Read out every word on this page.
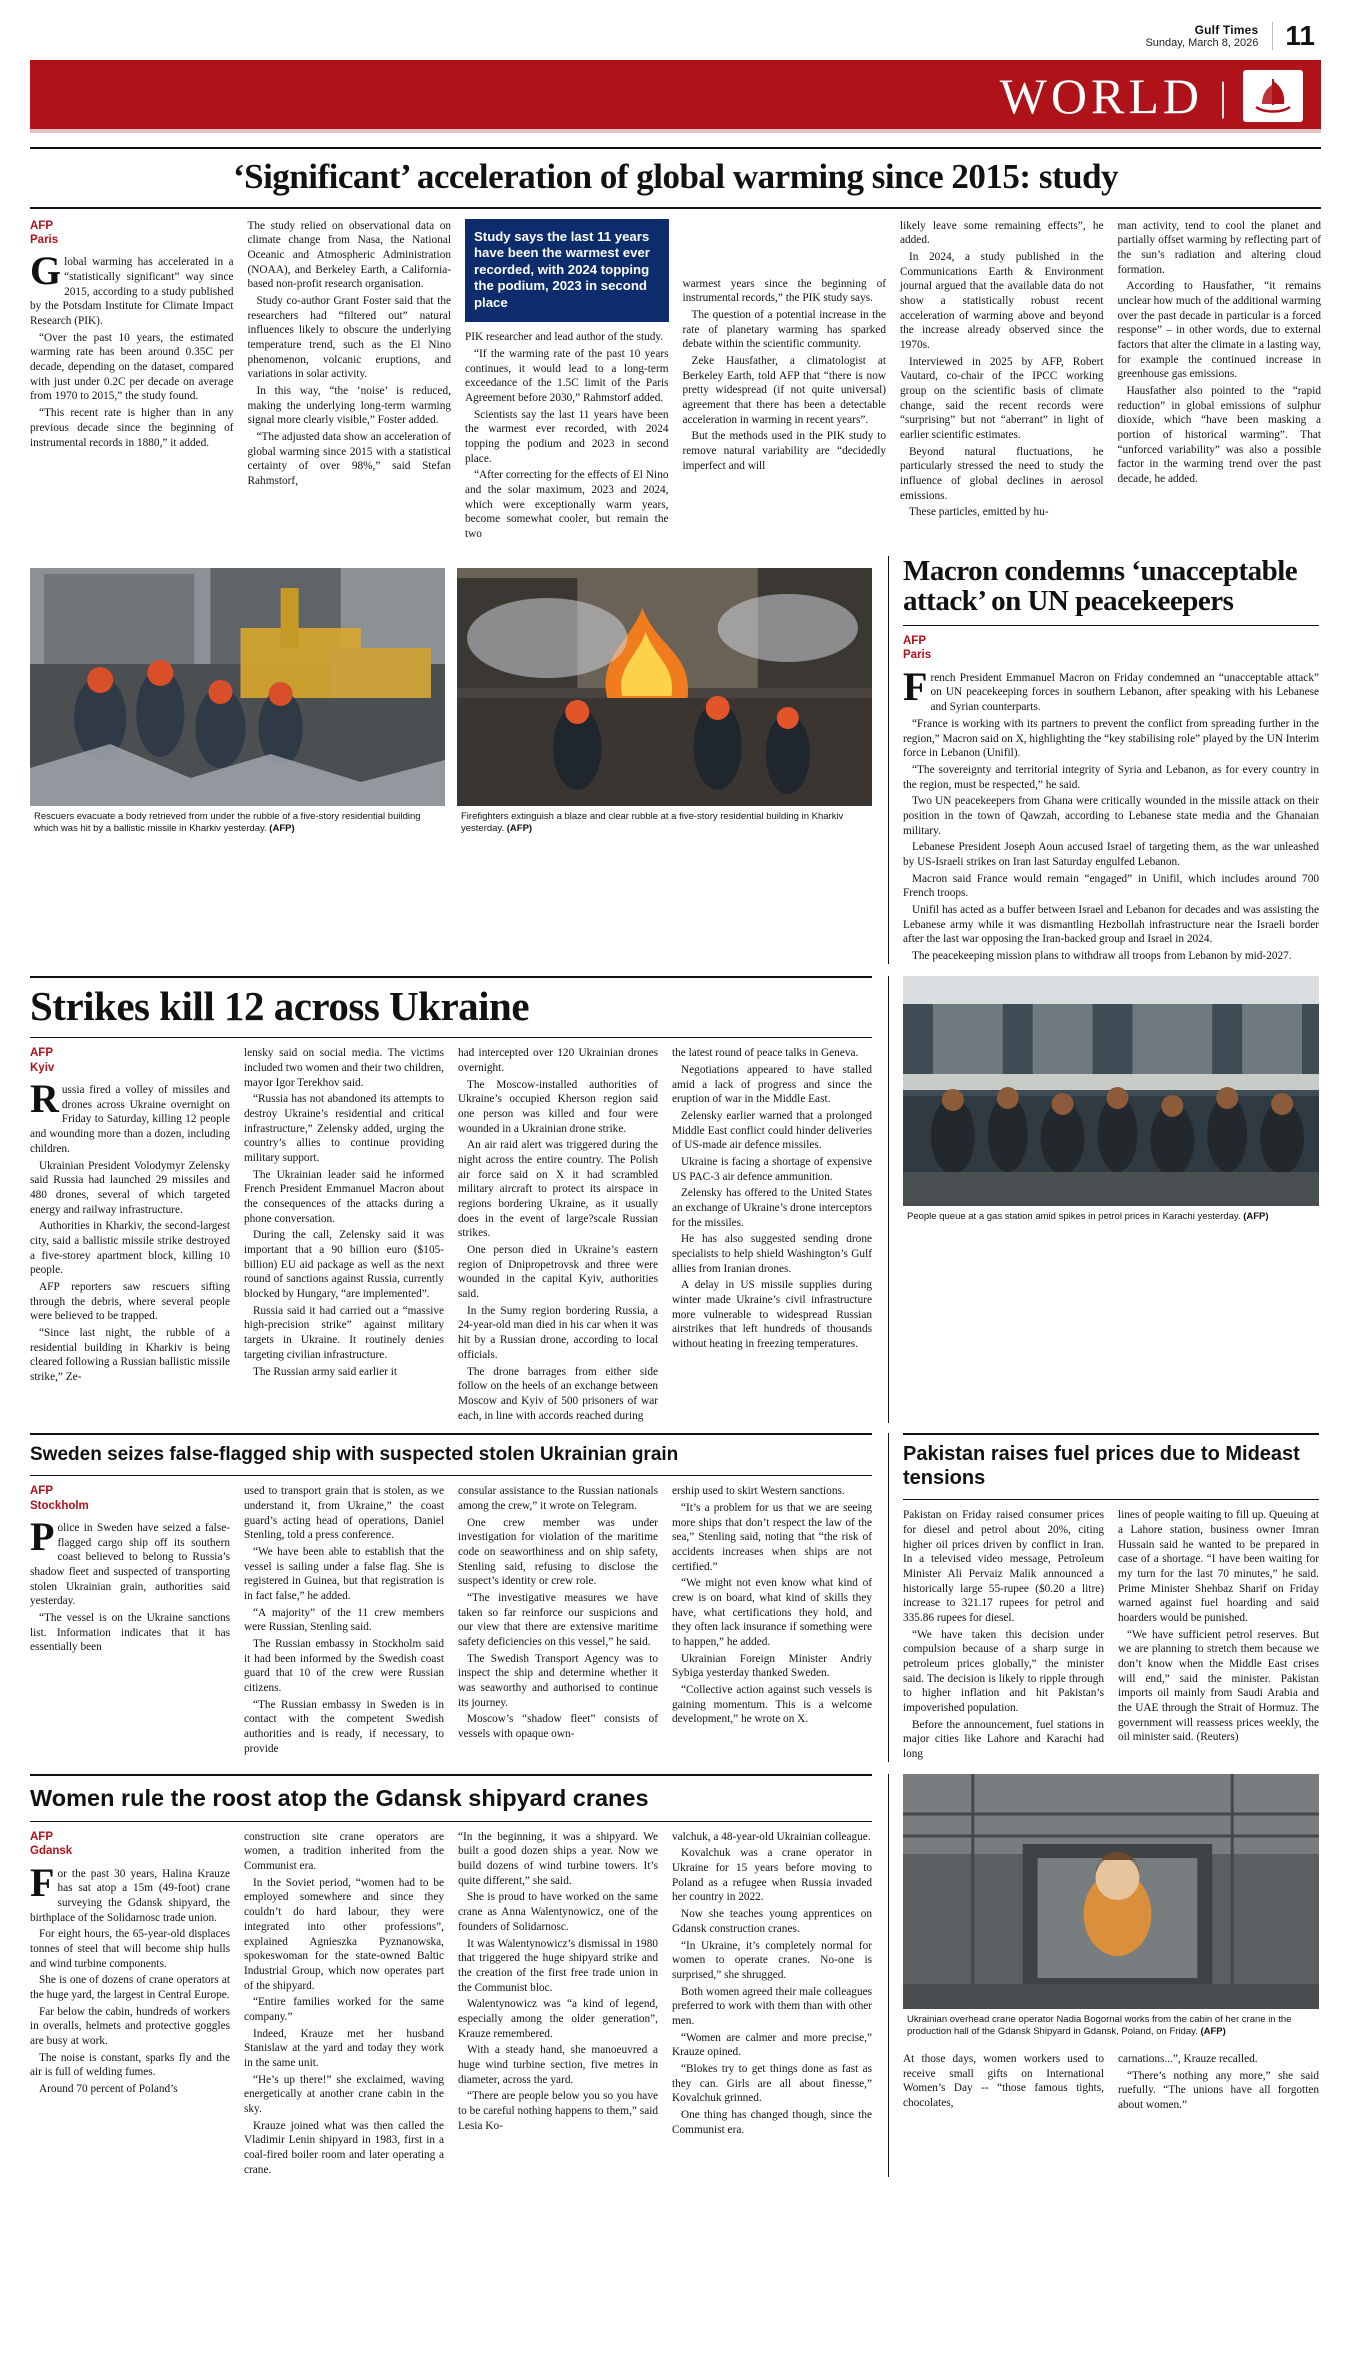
Gulf Times
Sunday, March 8, 2026 11
WORLD |
‘Significant’ acceleration of global warming since 2015: study
AFP
Paris

Global warming has accelerated in a “statistically significant” way since 2015, according to a study published by the Potsdam Institute for Climate Impact Research (PIK).

“Over the past 10 years, the estimated warming rate has been around 0.35C per decade, depending on the dataset, compared with just under 0.2C per decade on average from 1970 to 2015,” the study found.

“This recent rate is higher than in any previous decade since the beginning of instrumental records in 1880,” it added.

The study relied on observational data on climate change from Nasa, the National Oceanic and Atmospheric Administration (NOAA), and Berkeley Earth, a California-based non-profit research organisation.

Study co-author Grant Foster said that the researchers had “filtered out” natural influences likely to obscure the underlying temperature trend, such as the El Nino phenomenon, volcanic eruptions, and variations in solar activity.

In this way, “the ‘noise’ is reduced, making the underlying long-term warming signal more clearly visible,” Foster added.

“The adjusted data show an acceleration of global warming since 2015 with a statistical certainty of over 98%,” said Stefan Rahmstorf,

Study says the last 11 years have been the warmest ever recorded, with 2024 topping the podium, 2023 in second place

PIK researcher and lead author of the study.

“If the warming rate of the past 10 years continues, it would lead to a long-term exceedance of the 1.5C limit of the Paris Agreement before 2030,” Rahmstorf added.

Scientists say the last 11 years have been the warmest ever recorded, with 2024 topping the podium and 2023 in second place.

“After correcting for the effects of El Nino and the solar maximum, 2023 and 2024, which were exceptionally warm years, become somewhat cooler, but remain the two

warmest years since the beginning of instrumental records,” the PIK study says.

The question of a potential increase in the rate of planetary warming has sparked debate within the scientific community.

Zeke Hausfather, a climatologist at Berkeley Earth, told AFP that “there is now pretty widespread (if not quite universal) agreement that there has been a detectable acceleration in warming in recent years”.

But the methods used in the PIK study to remove natural variability are “decidedly imperfect and will

likely leave some remaining effects”, he added.

In 2024, a study published in the Communications Earth & Environment journal argued that the available data do not show a statistically robust recent acceleration of warming above and beyond the increase already observed since the 1970s.

Interviewed in 2025 by AFP, Robert Vautard, co-chair of the IPCC working group on the scientific basis of climate change, said the recent records were “surprising” but not “aberrant” in light of earlier scientific estimates.

Beyond natural fluctuations, he particularly stressed the need to study the influence of global declines in aerosol emissions.

These particles, emitted by hu-

man activity, tend to cool the planet and partially offset warming by reflecting part of the sun’s radiation and altering cloud formation.

According to Hausfather, “it remains unclear how much of the additional warming over the past decade in particular is a forced response” – in other words, due to external factors that alter the climate in a lasting way, for example the continued increase in greenhouse gas emissions.

Hausfather also pointed to the “rapid reduction” in global emissions of sulphur dioxide, which “have been masking a portion of historical warming”. That “unforced variability” was also a possible factor in the warming trend over the past decade, he added.

Rescuers evacuate a body retrieved from under the rubble of a five-story residential building which was hit by a ballistic missile in Kharkiv yesterday. (AFP)
Firefighters extinguish a blaze and clear rubble at a five-story residential building in Kharkiv yesterday. (AFP)
Macron condemns ‘unacceptable attack’ on UN peacekeepers
AFP
Paris

French President Emmanuel Macron on Friday condemned an “unacceptable attack” on UN peacekeeping forces in southern Lebanon, after speaking with his Lebanese and Syrian counterparts.

“France is working with its partners to prevent the conflict from spreading further in the region,” Macron said on X, highlighting the “key stabilising role” played by the UN Interim force in Lebanon (Unifil).

“The sovereignty and territorial integrity of Syria and Lebanon, as for every country in the region, must be respected,” he said.

Two UN peacekeepers from Ghana were critically wounded in the missile attack on their position in the town of Qawzah, according to Lebanese state media and the Ghanaian military.

Lebanese President Joseph Aoun accused Israel of targeting them, as the war unleashed by US-Israeli strikes on Iran last Saturday engulfed Lebanon.

Macron said France would remain “engaged” in Unifil, which includes around 700 French troops.

Unifil has acted as a buffer between Israel and Lebanon for decades and was assisting the Lebanese army while it was dismantling Hezbollah infrastructure near the Israeli border after the last war opposing the Iran-backed group and Israel in 2024.

The peacekeeping mission plans to withdraw all troops from Lebanon by mid-2027.

Strikes kill 12 across Ukraine
AFP
Kyiv

Russia fired a volley of missiles and drones across Ukraine overnight on Friday to Saturday, killing 12 people and wounding more than a dozen, including children.

Ukrainian President Volodymyr Zelensky said Russia had launched 29 missiles and 480 drones, several of which targeted energy and railway infrastructure.

Authorities in Kharkiv, the second-largest city, said a ballistic missile strike destroyed a five-storey apartment block, killing 10 people.

AFP reporters saw rescuers sifting through the debris, where several people were believed to be trapped.

“Since last night, the rubble of a residential building in Kharkiv is being cleared following a Russian ballistic missile strike,” Ze-

lensky said on social media. The victims included two women and their two children, mayor Igor Terekhov said.

“Russia has not abandoned its attempts to destroy Ukraine’s residential and critical infrastructure,” Zelensky added, urging the country’s allies to continue providing military support.

The Ukrainian leader said he informed French President Emmanuel Macron about the consequences of the attacks during a phone conversation.

During the call, Zelensky said it was important that a 90 billion euro ($105-billion) EU aid package as well as the next round of sanctions against Russia, currently blocked by Hungary, “are implemented”.

Russia said it had carried out a “massive high-precision strike” against military targets in Ukraine. It routinely denies targeting civilian infrastructure.

The Russian army said earlier it

had intercepted over 120 Ukrainian drones overnight.

The Moscow-installed authorities of Ukraine’s occupied Kherson region said one person was killed and four were wounded in a Ukrainian drone strike.

An air raid alert was triggered during the night across the entire country. The Polish air force said on X it had scrambled military aircraft to protect its airspace in regions bordering Ukraine, as it usually does in the event of large?scale Russian strikes.

One person died in Ukraine’s eastern region of Dnipropetrovsk and three were wounded in the capital Kyiv, authorities said.

In the Sumy region bordering Russia, a 24-year-old man died in his car when it was hit by a Russian drone, according to local officials.

The drone barrages from either side follow on the heels of an exchange between Moscow and Kyiv of 500 prisoners of war each, in line with accords reached during

the latest round of peace talks in Geneva.

Negotiations appeared to have stalled amid a lack of progress and since the eruption of war in the Middle East.

Zelensky earlier warned that a prolonged Middle East conflict could hinder deliveries of US-made air defence missiles.

Ukraine is facing a shortage of expensive US PAC-3 air defence ammunition.

Zelensky has offered to the United States an exchange of Ukraine’s drone interceptors for the missiles.

He has also suggested sending drone specialists to help shield Washington’s Gulf allies from Iranian drones.

A delay in US missile supplies during winter made Ukraine’s civil infrastructure more vulnerable to widespread Russian airstrikes that left hundreds of thousands without heating in freezing temperatures.

People queue at a gas station amid spikes in petrol prices in Karachi yesterday. (AFP)
Sweden seizes false-flagged ship with suspected stolen Ukrainian grain
AFP
Stockholm

Police in Sweden have seized a false-flagged cargo ship off its southern coast believed to belong to Russia’s shadow fleet and suspected of transporting stolen Ukrainian grain, authorities said yesterday.

“The vessel is on the Ukraine sanctions list. Information indicates that it has essentially been

used to transport grain that is stolen, as we understand it, from Ukraine,” the coast guard’s acting head of operations, Daniel Stenling, told a press conference.

“We have been able to establish that the vessel is sailing under a false flag. She is registered in Guinea, but that registration is in fact false,” he added.

“A majority” of the 11 crew members were Russian, Stenling said.

The Russian embassy in Stockholm said it had been informed by the Swedish coast guard that 10 of the crew were Russian citizens.

“The Russian embassy in Sweden is in contact with the competent Swedish authorities and is ready, if necessary, to provide

consular assistance to the Russian nationals among the crew,” it wrote on Telegram.

One crew member was under investigation for violation of the maritime code on seaworthiness and on ship safety, Stenling said, refusing to disclose the suspect’s identity or crew role.

“The investigative measures we have taken so far reinforce our suspicions and our view that there are extensive maritime safety deficiencies on this vessel,” he said.

The Swedish Transport Agency was to inspect the ship and determine whether it was seaworthy and authorised to continue its journey.

Moscow’s “shadow fleet” consists of vessels with opaque own-

ership used to skirt Western sanctions.

“It’s a problem for us that we are seeing more ships that don’t respect the law of the sea,” Stenling said, noting that “the risk of accidents increases when ships are not certified.”

“We might not even know what kind of crew is on board, what kind of skills they have, what certifications they hold, and they often lack insurance if something were to happen,” he added.

Ukrainian Foreign Minister Andriy Sybiga yesterday thanked Sweden.

“Collective action against such vessels is gaining momentum. This is a welcome development,” he wrote on X.

Pakistan raises fuel prices due to Mideast tensions

Pakistan on Friday raised consumer prices for diesel and petrol about 20%, citing higher oil prices driven by conflict in Iran. In a televised video message, Petroleum Minister Ali Pervaiz Malik announced a historically large 55-rupee ($0.20 a litre) increase to 321.17 rupees for petrol and 335.86 rupees for diesel.

“We have taken this decision under compulsion because of a sharp surge in petroleum prices globally,” the minister said. The decision is likely to ripple through to higher inflation and hit Pakistan’s impoverished population.

Before the announcement, fuel stations in major cities like Lahore and Karachi had long

lines of people waiting to fill up. Queuing at a Lahore station, business owner Imran Hussain said he wanted to be prepared in case of a shortage. “I have been waiting for my turn for the last 70 minutes,” he said. Prime Minister Shehbaz Sharif on Friday warned against fuel hoarding and said hoarders would be punished.

“We have sufficient petrol reserves. But we are planning to stretch them because we don’t know when the Middle East crises will end,” said the minister. Pakistan imports oil mainly from Saudi Arabia and the UAE through the Strait of Hormuz. The government will reassess prices weekly, the oil minister said. (Reuters)

Women rule the roost atop the Gdansk shipyard cranes
AFP
Gdansk

For the past 30 years, Halina Krauze has sat atop a 15m (49-foot) crane surveying the Gdansk shipyard, the birthplace of the Solidarnosc trade union.

For eight hours, the 65-year-old displaces tonnes of steel that will become ship hulls and wind turbine components.

She is one of dozens of crane operators at the huge yard, the largest in Central Europe.

Far below the cabin, hundreds of workers in overalls, helmets and protective goggles are busy at work.

The noise is constant, sparks fly and the air is full of welding fumes.

Around 70 percent of Poland’s

construction site crane operators are women, a tradition inherited from the Communist era.

In the Soviet period, “women had to be employed somewhere and since they couldn’t do hard labour, they were integrated into other professions”, explained Agnieszka Pyznanowska, spokeswoman for the state-owned Baltic Industrial Group, which now operates part of the shipyard.

“Entire families worked for the same company.”

Indeed, Krauze met her husband Stanislaw at the yard and today they work in the same unit.

“He’s up there!” she exclaimed, waving energetically at another crane cabin in the sky.

Krauze joined what was then called the Vladimir Lenin shipyard in 1983, first in a coal-fired boiler room and later operating a crane.

“In the beginning, it was a shipyard. We built a good dozen ships a year. Now we build dozens of wind turbine towers. It’s quite different,” she said.

She is proud to have worked on the same crane as Anna Walentynowicz, one of the founders of Solidarnosc.

It was Walentynowicz’s dismissal in 1980 that triggered the huge shipyard strike and the creation of the first free trade union in the Communist bloc.

Walentynowicz was “a kind of legend, especially among the older generation”, Krauze remembered.

With a steady hand, she manoeuvred a huge wind turbine section, five metres in diameter, across the yard.

“There are people below you so you have to be careful nothing happens to them,” said Lesia Ko-

valchuk, a 48-year-old Ukrainian colleague.

Kovalchuk was a crane operator in Ukraine for 15 years before moving to Poland as a refugee when Russia invaded her country in 2022.

Now she teaches young apprentices on Gdansk construction cranes.

“In Ukraine, it’s completely normal for women to operate cranes. No-one is surprised,” she shrugged.

Both women agreed their male colleagues preferred to work with them than with other men.

“Women are calmer and more precise,” Krauze opined.

“Blokes try to get things done as fast as they can. Girls are all about finesse,” Kovalchuk grinned.

One thing has changed though, since the Communist era.

Ukrainian overhead crane operator Nadia Bogornal works from the cabin of her crane in the production hall of the Gdansk Shipyard in Gdansk, Poland, on Friday. (AFP)

At those days, women workers used to receive small gifts on International Women’s Day -- “those famous tights, chocolates,

carnations...”, Krauze recalled.

“There’s nothing any more,” she said ruefully. “The unions have all forgotten about women.”
